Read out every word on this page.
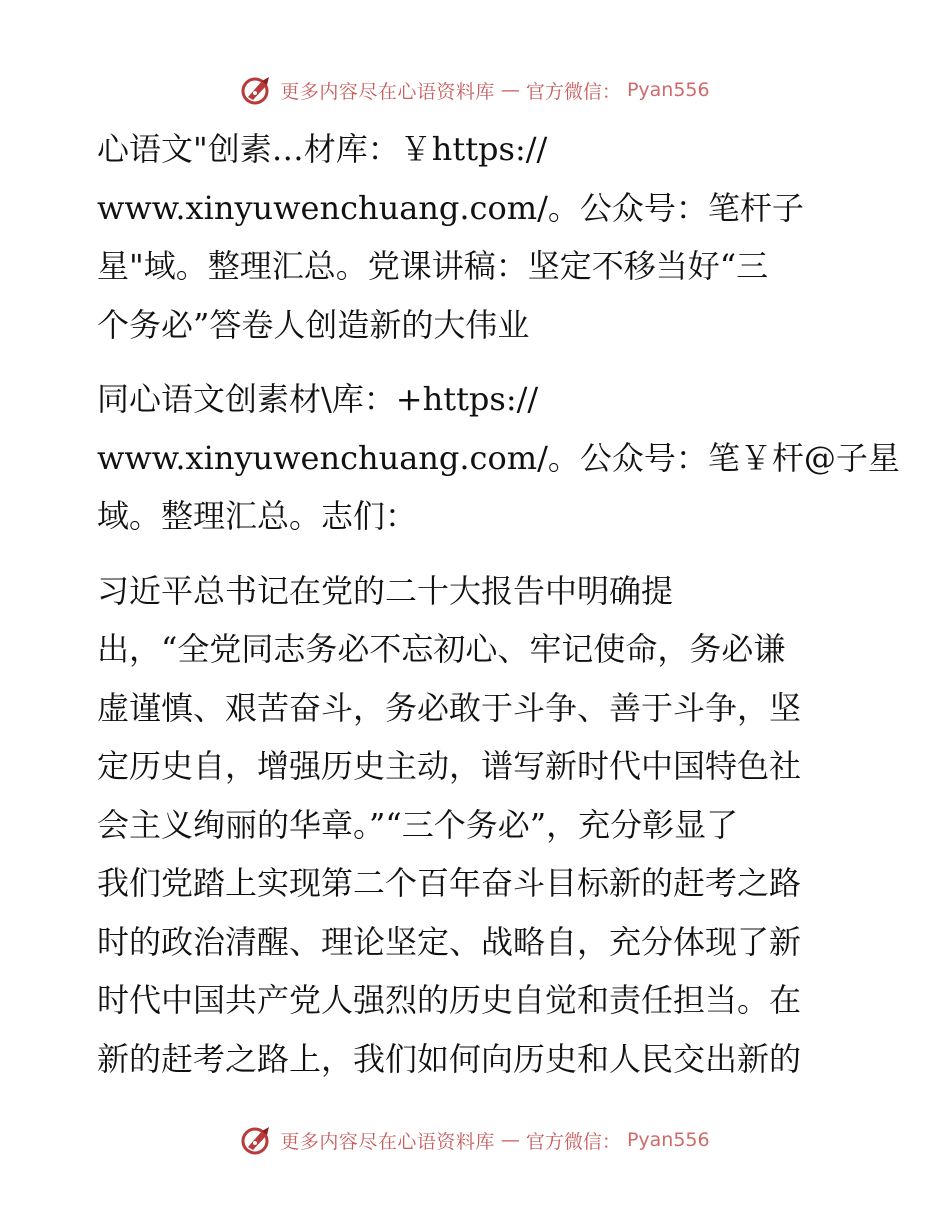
更多内容尽在心语资料库 — 官方微信： Pyan556

心语文"创素…材库：￥https://
www.xinyuwenchuang.com/。公众号：笔杆子
星"域。整理汇总。党课讲稿：坚定不移当好“三
个务必”答卷人创造新的大伟业

同心语文创素材\库：+https://
www.xinyuwenchuang.com/。公众号：笔￥杆@子星
域。整理汇总。志们：

习近平总书记在党的二十大报告中明确提
出，“全党同志务必不忘初心、牢记使命，务必谦
虚谨慎、艰苦奋斗，务必敢于斗争、善于斗争，坚
定历史自，增强历史主动，谱写新时代中国特色社
会主义绚丽的华章。”“三个务必”，充分彰显了
我们党踏上实现第二个百年奋斗目标新的赶考之路
时的政治清醒、理论坚定、战略自，充分体现了新
时代中国共产党人强烈的历史自觉和责任担当。在
新的赶考之路上，我们如何向历史和人民交出新的

更多内容尽在心语资料库 — 官方微信： Pyan556
